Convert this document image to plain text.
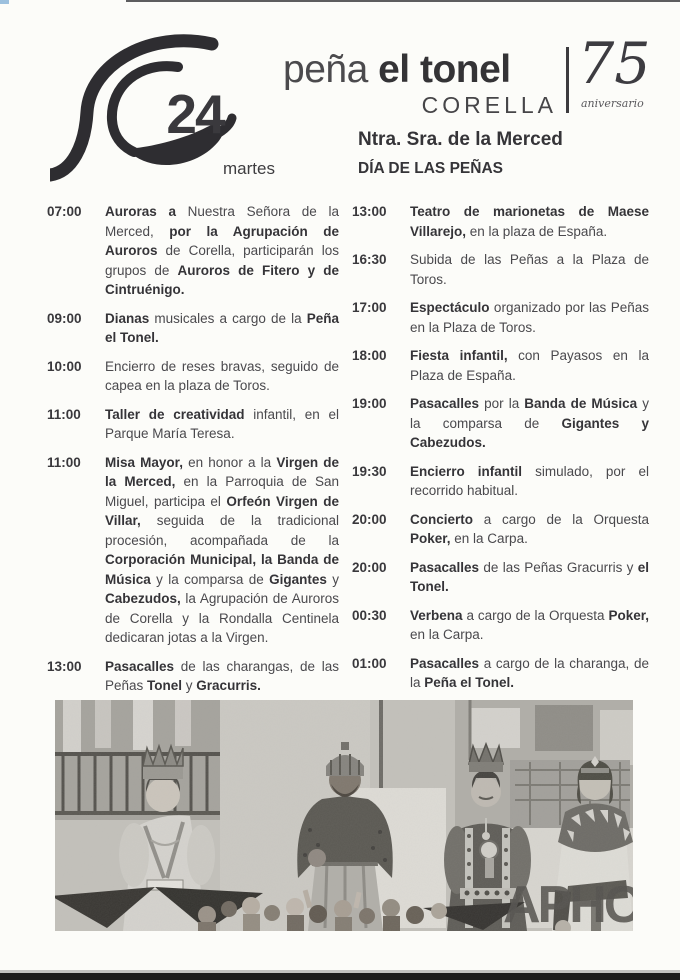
24
martes
peña el tonel
CORELLA
75
aniversario
Ntra. Sra. de la Merced
DÍA DE LAS PEÑAS
07:00	Auroras a Nuestra Señora de la Merced, por la Agrupación de Auroros de Corella, participarán los grupos de Auroros de Fitero y de Cintruénigo.

09:00	Dianas musicales a cargo de la Peña el Tonel.

10:00	Encierro de reses bravas, seguido de capea en la plaza de Toros.

11:00	Taller de creatividad infantil, en el Parque María Teresa.

11:00	Misa Mayor, en honor a la Virgen de la Merced, en la Parroquia de San Miguel, participa el Orfeón Virgen de Villar, seguida de la tradicional procesión, acompañada de la Corporación Municipal, la Banda de Música y la comparsa de Gigantes y Cabezudos, la Agrupación de Auroros de Corella y la Rondalla Centinela dedicaran jotas a la Virgen.

13:00	Pasacalles de las charangas, de las Peñas Tonel y Gracurris.

13:00	Teatro de marionetas de Maese Villarejo, en la plaza de España.

16:30	Subida de las Peñas a la Plaza de Toros.

17:00	Espectáculo organizado por las Peñas en la Plaza de Toros.

18:00	Fiesta infantil, con Payasos en la Plaza de España.

19:00	Pasacalles por la Banda de Música y la comparsa de Gigantes y Cabezudos.

19:30	Encierro infantil simulado, por el recorrido habitual.

20:00	Concierto a cargo de la Orquesta Poker, en la Carpa.

20:00	Pasacalles de las Peñas Gracurris y el Tonel.

00:30	Verbena a cargo de la Orquesta Poker, en la Carpa.

01:00	Pasacalles a cargo de la charanga, de la Peña el Tonel.
